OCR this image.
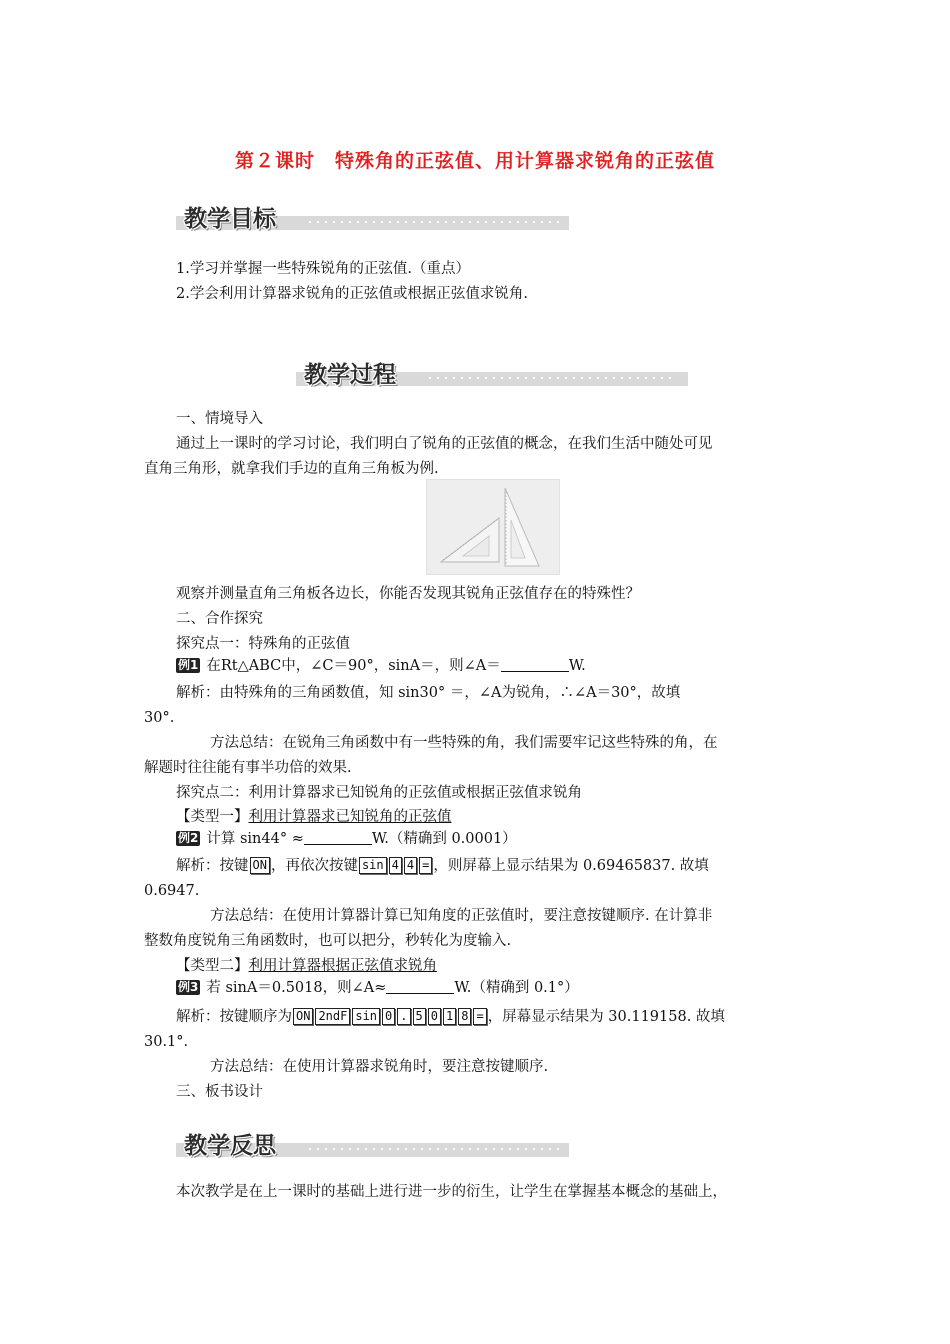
第２课时　特殊角的正弦值、用计算器求锐角的正弦值
教学目标
1.学习并掌握一些特殊锐角的正弦值.（重点）
2.学会利用计算器求锐角的正弦值或根据正弦值求锐角.
教学过程
一、情境导入
通过上一课时的学习讨论，我们明白了锐角的正弦值的概念，在我们生活中随处可见
直角三角形，就拿我们手边的直角三角板为例.
观察并测量直角三角板各边长，你能否发现其锐角正弦值存在的特殊性？
二、合作探究
探究点一：特殊角的正弦值
例1 在Rt△ABC中，∠C＝90°，sinA＝，则∠A＝	W.
解析：由特殊角的三角函数值，知 sin30° ＝，∠A为锐角，∴∠A＝30°，故填
30°.
方法总结：在锐角三角函数中有一些特殊的角，我们需要牢记这些特殊的角，在
解题时往往能有事半功倍的效果.
探究点二：利用计算器求已知锐角的正弦值或根据正弦值求锐角
【类型一】利用计算器求已知锐角的正弦值
例2 计算 sin44° ≈	W.（精确到 0.0001）
解析：按键 ON ，再依次按键 sin 4 4 = ，则屏幕上显示结果为 0.69465837. 故填
0.6947.
方法总结：在使用计算器计算已知角度的正弦值时，要注意按键顺序. 在计算非
整数角度锐角三角函数时，也可以把分，秒转化为度输入.
【类型二】利用计算器根据正弦值求锐角
例3 若 sinA＝0.5018，则∠A≈	W.（精确到 0.1°）
解析：按键顺序为 ON 2ndF sin 0 . 5 0 1 8 = ，屏幕显示结果为 30.119158. 故填
30.1°.
方法总结：在使用计算器求锐角时，要注意按键顺序.
三、板书设计
教学反思
本次教学是在上一课时的基础上进行进一步的衍生，让学生在掌握基本概念的基础上，
